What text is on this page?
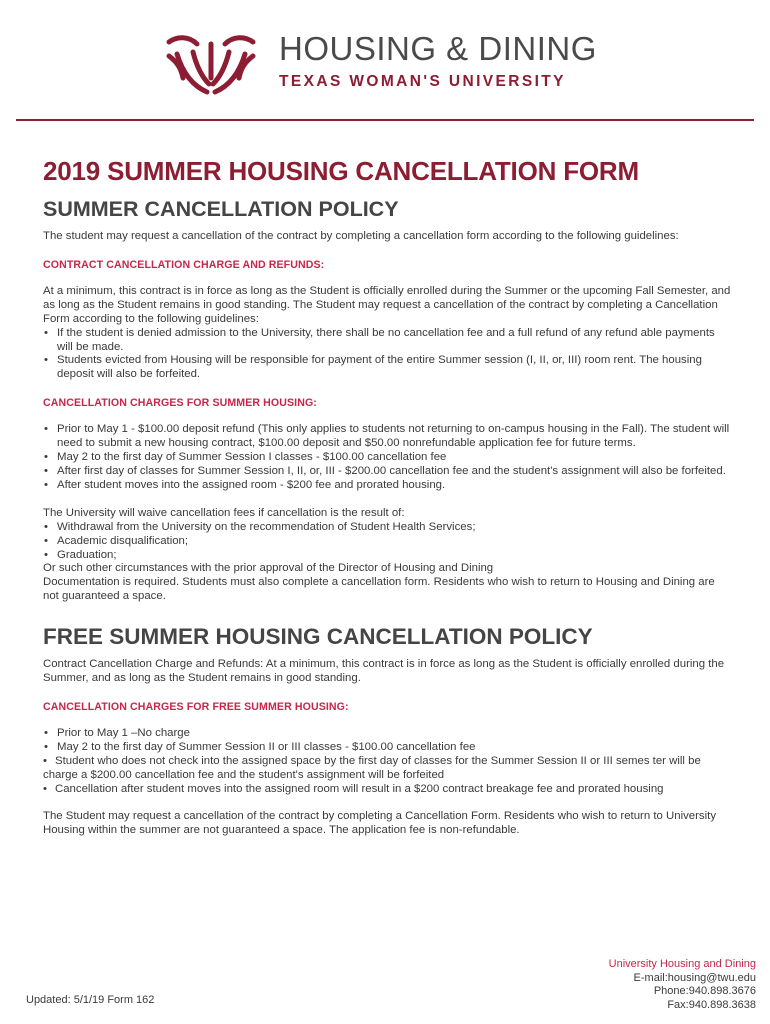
HOUSING & DINING
TEXAS WOMAN'S UNIVERSITY
2019 SUMMER HOUSING CANCELLATION FORM
SUMMER CANCELLATION POLICY

The student may request a cancellation of the contract by completing a cancellation form according to the following guidelines:

CONTRACT CANCELLATION CHARGE AND REFUNDS:

At a minimum, this contract is in force as long as the Student is officially enrolled during the Summer or the upcoming Fall Semester, and as long as the Student remains in good standing. The Student may request a cancellation of the contract by completing a Cancellation Form according to the following guidelines:

• If the student is denied admission to the University, there shall be no cancellation fee and a full refund of any refund able payments will be made.
• Students evicted from Housing will be responsible for payment of the entire Summer session (I, II, or, III) room rent. The housing deposit will also be forfeited.
CANCELLATION CHARGES FOR SUMMER HOUSING:
• Prior to May 1 - $100.00 deposit refund (This only applies to students not returning to on-campus housing in the Fall). The student will need to submit a new housing contract, $100.00 deposit and $50.00 nonrefundable application fee for future terms.
• May 2 to the first day of Summer Session I classes - $100.00 cancellation fee
• After first day of classes for Summer Session I, II, or, III - $200.00 cancellation fee and the student's assignment will also be forfeited.
• After student moves into the assigned room - $200 fee and prorated housing.

The University will waive cancellation fees if cancellation is the result of:

• Withdrawal from the University on the recommendation of Student Health Services;
• Academic disqualification;
• Graduation;

Or such other circumstances with the prior approval of the Director of Housing and Dining

Documentation is required. Students must also complete a cancellation form. Residents who wish to return to Housing and Dining are not guaranteed a space.

FREE SUMMER HOUSING CANCELLATION POLICY

Contract Cancellation Charge and Refunds: At a minimum, this contract is in force as long as the Student is officially enrolled during the Summer, and as long as the Student remains in good standing.

CANCELLATION CHARGES FOR FREE SUMMER HOUSING:
• Prior to May 1 –No charge
• May 2 to the first day of Summer Session II or III classes - $100.00 cancellation fee
• Student who does not check into the assigned space by the first day of classes for the Summer Session II or III semes ter will be charge a $200.00 cancellation fee and the student's assignment will be forfeited
• Cancellation after student moves into the assigned room will result in a $200 contract breakage fee and prorated housing

The Student may request a cancellation of the contract by completing a Cancellation Form. Residents who wish to return to University Housing within the summer are not guaranteed a space. The application fee is non-refundable.

Updated: 5/1/19 Form 162
University Housing and Dining
E-mail:housing@twu.edu
Phone:940.898.3676
Fax:940.898.3638
